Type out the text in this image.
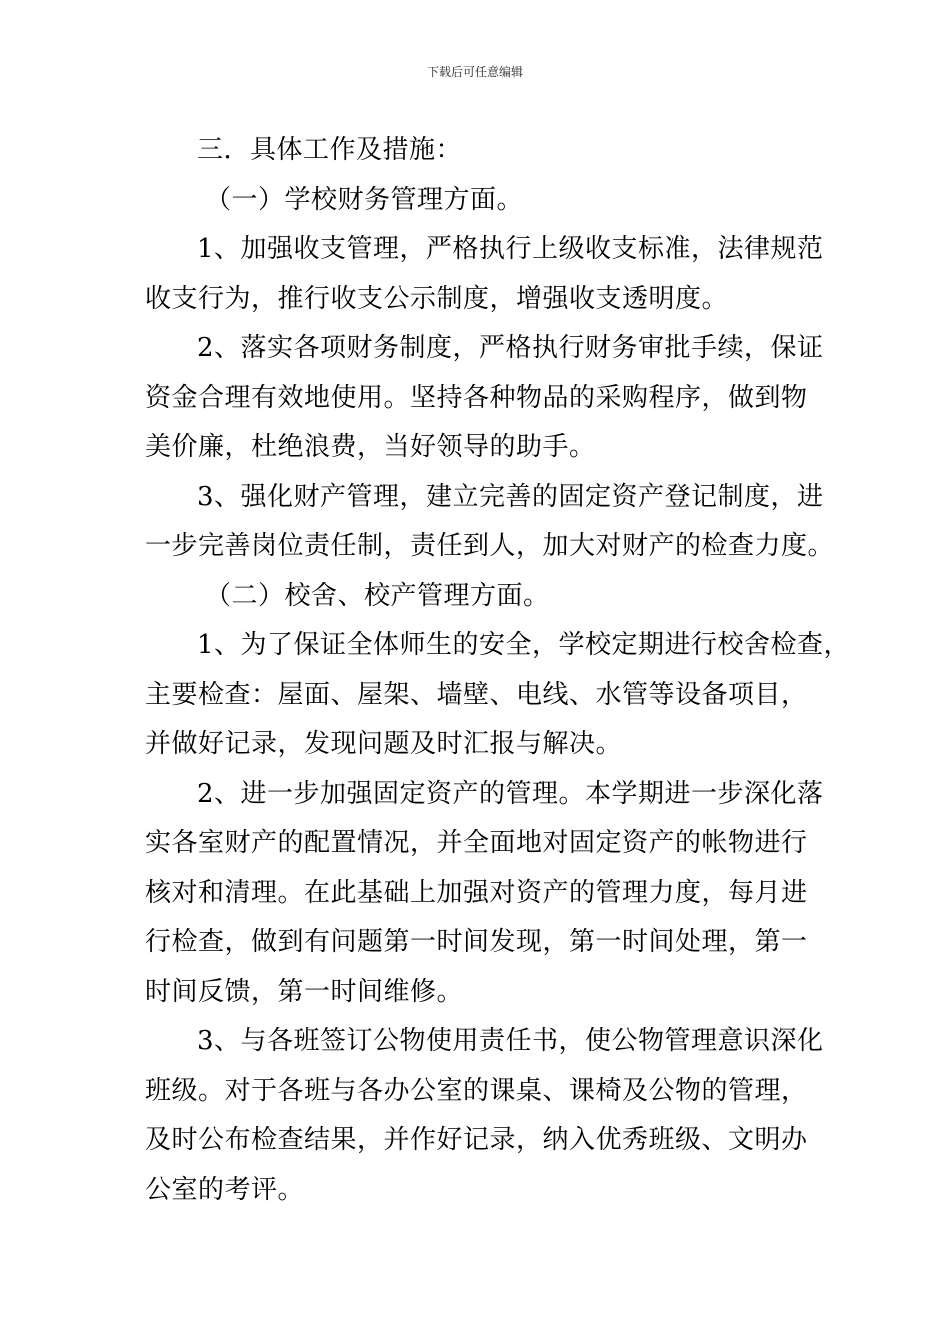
下载后可任意编辑
三．具体工作及措施：
（一）学校财务管理方面。
1、加强收支管理，严格执行上级收支标准，法律规范
收支行为，推行收支公示制度，增强收支透明度。
2、落实各项财务制度，严格执行财务审批手续，保证
资金合理有效地使用。坚持各种物品的采购程序，做到物
美价廉，杜绝浪费，当好领导的助手。
3、强化财产管理，建立完善的固定资产登记制度，进
一步完善岗位责任制，责任到人，加大对财产的检查力度。
（二）校舍、校产管理方面。
1、为了保证全体师生的安全，学校定期进行校舍检查，
主要检查：屋面、屋架、墙壁、电线、水管等设备项目，
并做好记录，发现问题及时汇报与解决。
2、进一步加强固定资产的管理。本学期进一步深化落
实各室财产的配置情况，并全面地对固定资产的帐物进行
核对和清理。在此基础上加强对资产的管理力度，每月进
行检查，做到有问题第一时间发现，第一时间处理，第一
时间反馈，第一时间维修。
3、与各班签订公物使用责任书，使公物管理意识深化
班级。对于各班与各办公室的课桌、课椅及公物的管理，
及时公布检查结果，并作好记录，纳入优秀班级、文明办
公室的考评。
